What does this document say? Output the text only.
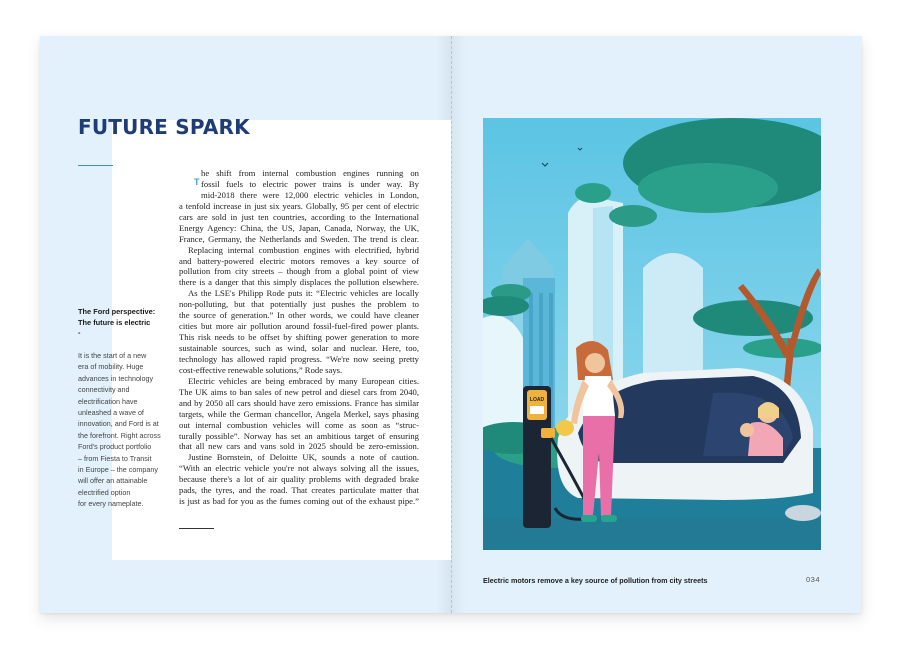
FUTURE SPARK
The Ford perspective:
The future is electric
-
It is the start of a new
era of mobility. Huge
advances in technology
connectivity and
electrification have
unleashed a wave of
innovation, and Ford is at
the forefront. Right across
Ford's product portfolio
– from Fiesta to Transit
in Europe – the company
will offer an attainable
electrified option
for every nameplate.
T
he shift from internal combustion engines running on
fossil fuels to electric power trains is under way. By
mid-2018 there were 12,000 electric vehicles in London,
a tenfold increase in just six years. Globally, 95 per cent of electric
cars are sold in just ten countries, according to the International
Energy Agency: China, the US, Japan, Canada, Norway, the UK,
France, Germany, the Netherlands and Sweden. The trend is clear.
Replacing internal combustion engines with electrified, hybrid
and battery-powered electric motors removes a key source of
pollution from city streets – though from a global point of view
there is a danger that this simply displaces the pollution elsewhere.
As the LSE's Philipp Rode puts it: “Electric vehicles are locally
non-polluting, but that potentially just pushes the problem to
the source of generation.” In other words, we could have cleaner
cities but more air pollution around fossil-fuel-fired power plants.
This risk needs to be offset by shifting power generation to more
sustainable sources, such as wind, solar and nuclear. Here, too,
technology has allowed rapid progress. “We're now seeing pretty
cost-effective renewable solutions,” Rode says.
Electric vehicles are being embraced by many European cities.
The UK aims to ban sales of new petrol and diesel cars from 2040,
and by 2050 all cars should have zero emissions. France has similar
targets, while the German chancellor, Angela Merkel, says phasing
out internal combustion vehicles will come as soon as “struc-
turally possible”. Norway has set an ambitious target of ensuring
that all new cars and vans sold in 2025 should be zero-emission.
Justine Bornstein, of Deloitte UK, sounds a note of caution.
“With an electric vehicle you're not always solving all the issues,
because there's a lot of air quality problems with degraded brake
pads, the tyres, and the road. That creates particulate matter that
is just as bad for you as the fumes coming out of the exhaust pipe.”
LOAD
Electric motors remove a key source of pollution from city streets	034
